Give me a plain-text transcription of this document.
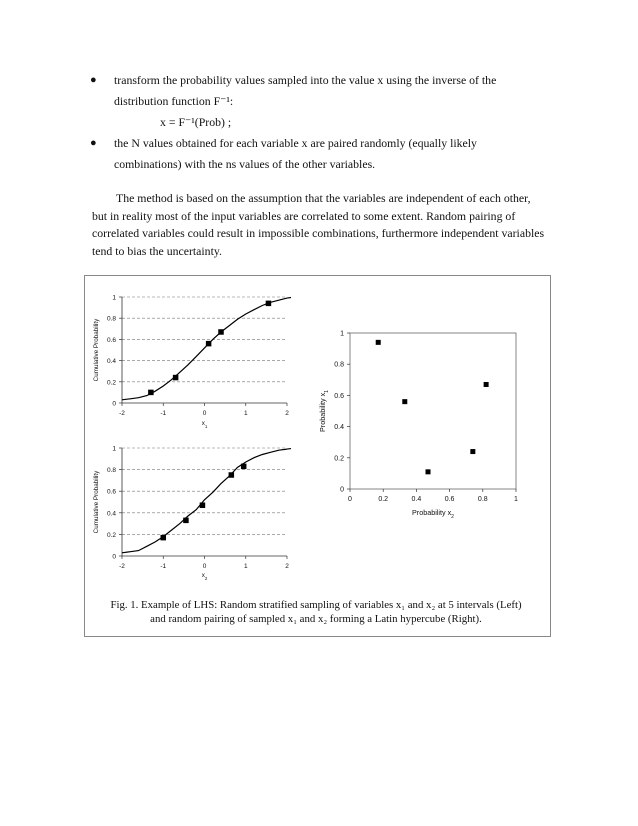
● transform the probability values sampled into the value x using the inverse of the
distribution function F⁻¹:
x = F⁻¹(Prob) ;
● the N values obtained for each variable x are paired randomly (equally likely
combinations) with the ns values of the other variables.
The method is based on the assumption that the variables are independent of each other, but in reality most of the input variables are correlated to some extent. Random pairing of correlated variables could result in impossible combinations, furthermore independent variables tend to bias the uncertainty.
-2	-1	0	1	2
0
0.2
0.4
0.6
0.8
1
$x_1$
Cumulative Probability
-2	-1	0	1	2
0
0.2
0.4
0.6
0.8
1
$x_2$
Cumulative Probability	0	0.2	0.4	0.6	0.8	1
0
0.2
0.4
0.6
0.8
1
Probability $x_2$
Probability $x_1$
Fig. 1. Example of LHS: Random stratified sampling of variables x₁ and x₂ at 5 intervals (Left)
and random pairing of sampled x₁ and x₂ forming a Latin hypercube (Right).
